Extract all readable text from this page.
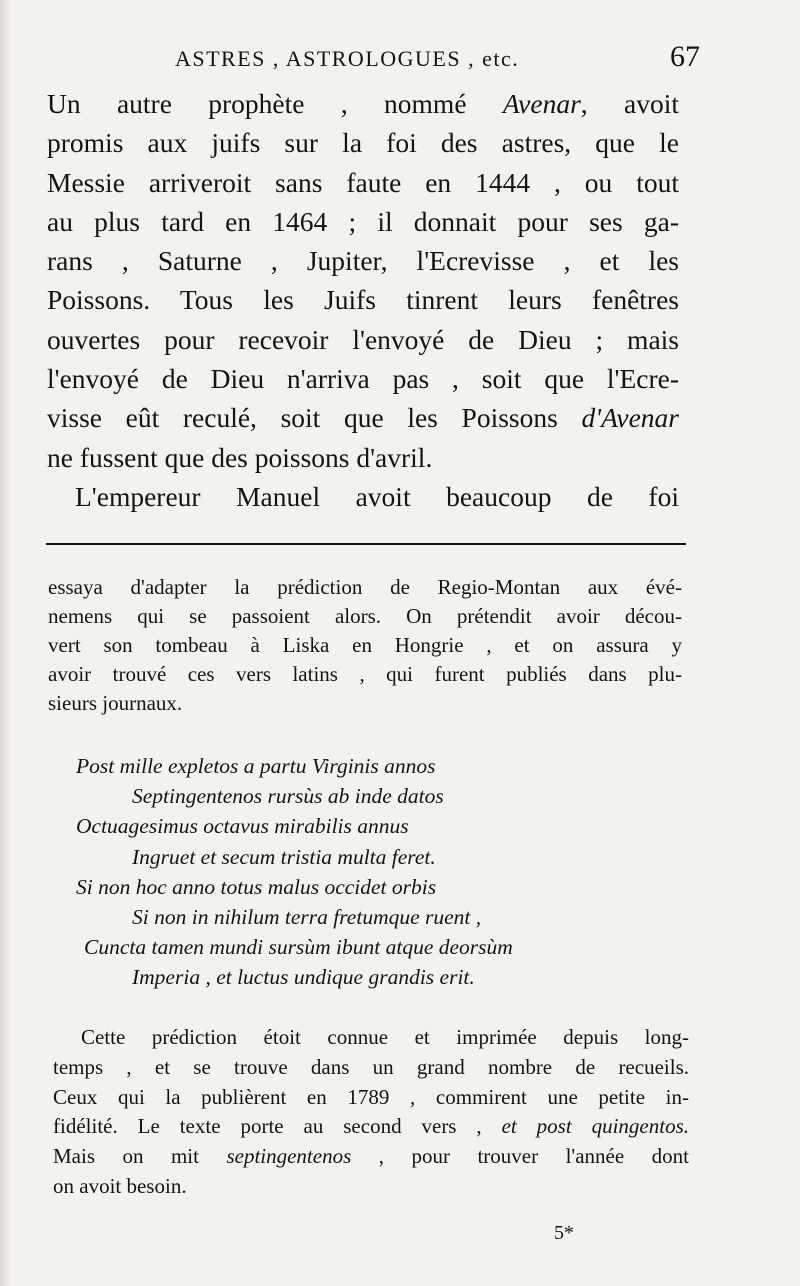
ASTRES , ASTROLOGUES , etc.	67
Un autre prophète , nommé Avenar, avoit
promis aux juifs sur la foi des astres, que le
Messie arriveroit sans faute en 1444 , ou tout
au plus tard en 1464 ; il donnait pour ses ga-
rans , Saturne , Jupiter, l'Ecrevisse , et les
Poissons. Tous les Juifs tinrent leurs fenêtres
ouvertes pour recevoir l'envoyé de Dieu ; mais
l'envoyé de Dieu n'arriva pas , soit que l'Ecre-
visse eût reculé, soit que les Poissons d'Avenar
ne fussent que des poissons d'avril.
L'empereur Manuel avoit beaucoup de foi
essaya d'adapter la prédiction de Regio-Montan aux évé-
nemens qui se passoient alors. On prétendit avoir décou-
vert son tombeau à Liska en Hongrie , et on assura y
avoir trouvé ces vers latins , qui furent publiés dans plu-
sieurs journaux.
Post mille expletos a partu Virginis annos
Septingentenos rursùs ab inde datos
Octuagesimus octavus mirabilis annus
Ingruet et secum tristia multa feret.
Si non hoc anno totus malus occidet orbis
Si non in nihilum terra fretumque ruent ,
Cuncta tamen mundi sursùm ibunt atque deorsùm
Imperia , et luctus undique grandis erit.
Cette prédiction étoit connue et imprimée depuis long-
temps , et se trouve dans un grand nombre de recueils.
Ceux qui la publièrent en 1789 , commirent une petite in-
fidélité. Le texte porte au second vers , et post quingentos.
Mais on mit septingentenos , pour trouver l'année dont
on avoit besoin.
5*
